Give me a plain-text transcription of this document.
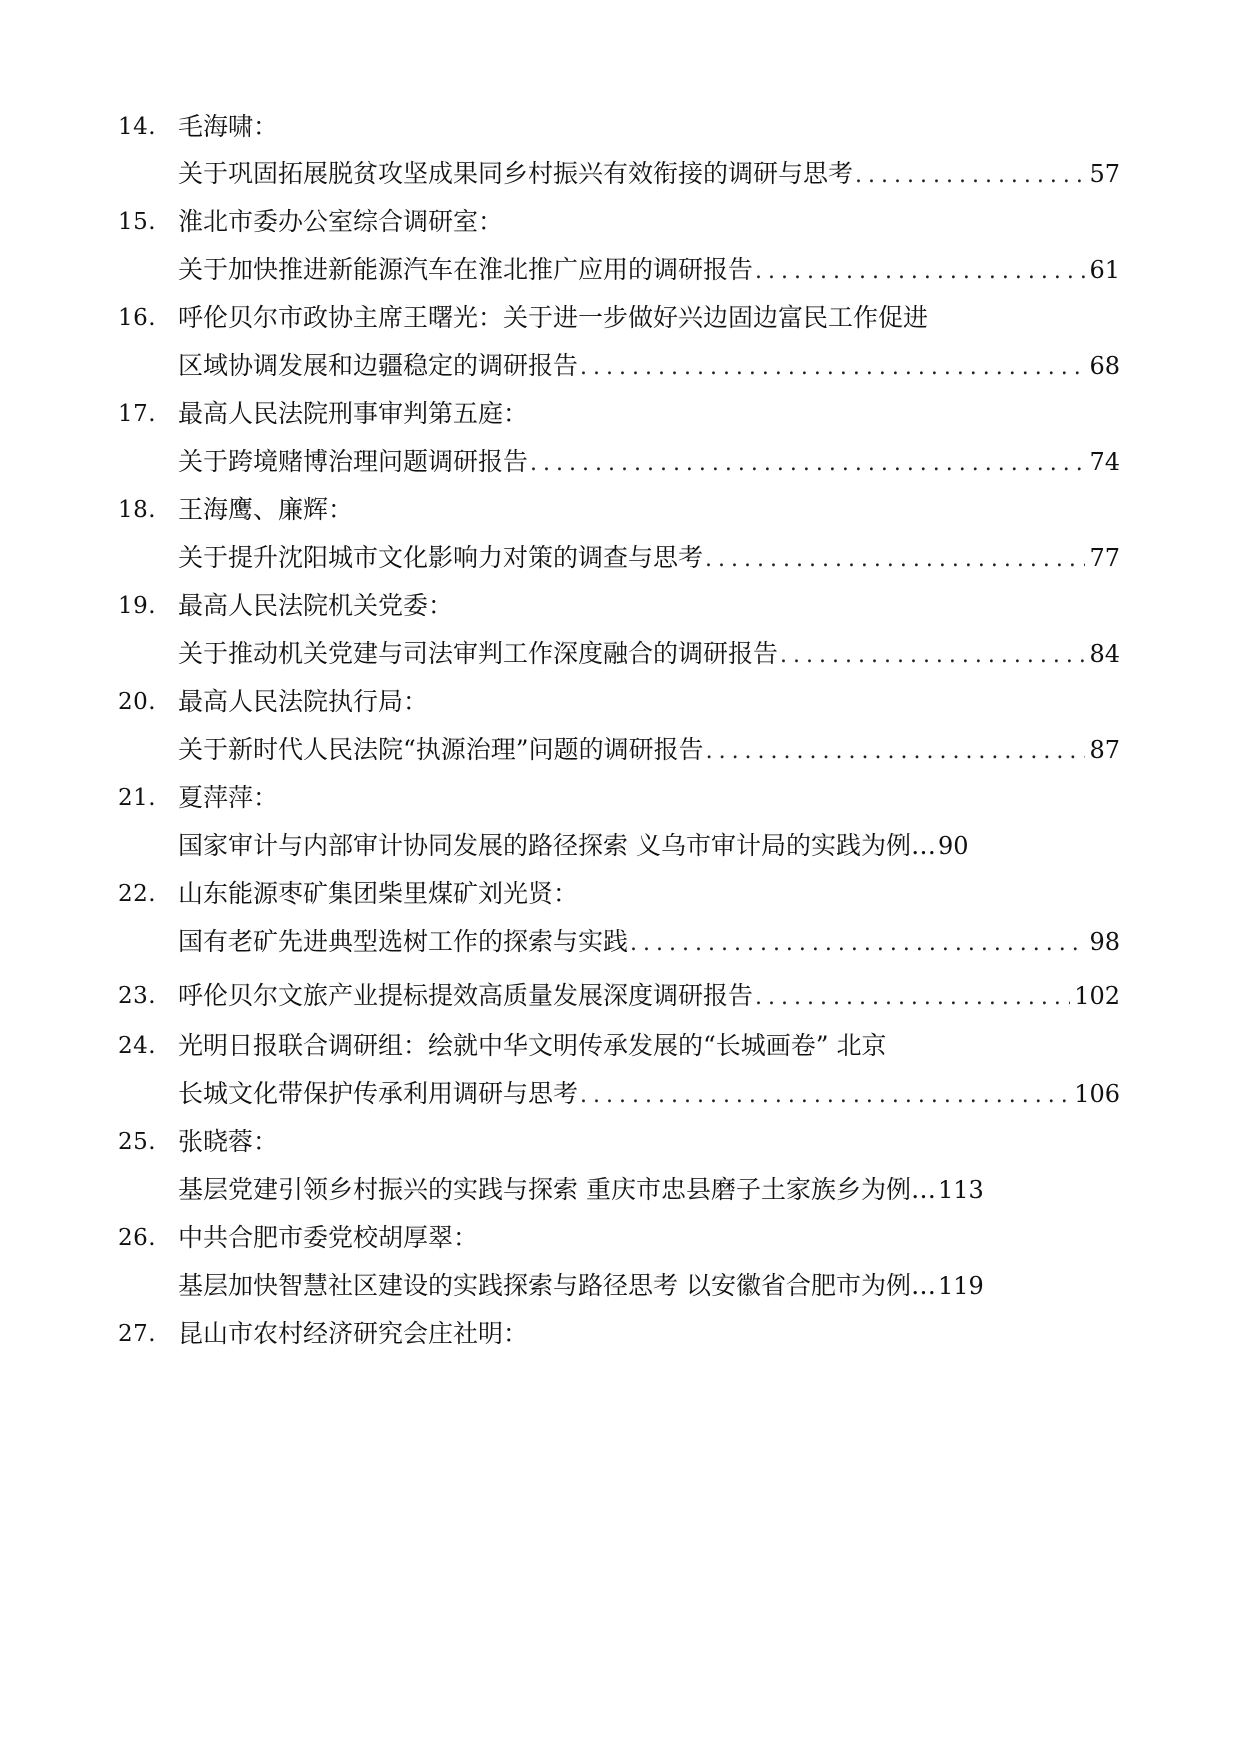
14. 毛海啸：
关于巩固拓展脱贫攻坚成果同乡村振兴有效衔接的调研与思考 .....	57
15. 淮北市委办公室综合调研室：
关于加快推进新能源汽车在淮北推广应用的调研报告 .....	61
16. 呼伦贝尔市政协主席王曙光：关于进一步做好兴边固边富民工作促进
区域协调发展和边疆稳定的调研报告 .....	68
17. 最高人民法院刑事审判第五庭：
关于跨境赌博治理问题调研报告 .....	74
18. 王海鹰、廉辉：
关于提升沈阳城市文化影响力对策的调查与思考 .....	77
19. 最高人民法院机关党委：
关于推动机关党建与司法审判工作深度融合的调研报告 .....	84
20. 最高人民法院执行局：
关于新时代人民法院“执源治理”问题的调研报告 .....	87
21. 夏萍萍：
国家审计与内部审计协同发展的路径探索 义乌市审计局的实践为例… 90
22. 山东能源枣矿集团柴里煤矿刘光贤：
国有老矿先进典型选树工作的探索与实践 .....	98
23. 呼伦贝尔文旅产业提标提效高质量发展深度调研报告 .....	102
24. 光明日报联合调研组：绘就中华文明传承发展的“长城画卷” 北京
长城文化带保护传承利用调研与思考 .....	106
25. 张晓蓉：
基层党建引领乡村振兴的实践与探索 重庆市忠县磨子土家族乡为例… 113
26. 中共合肥市委党校胡厚翠：
基层加快智慧社区建设的实践探索与路径思考 以安徽省合肥市为例… 119
27. 昆山市农村经济研究会庄社明：
